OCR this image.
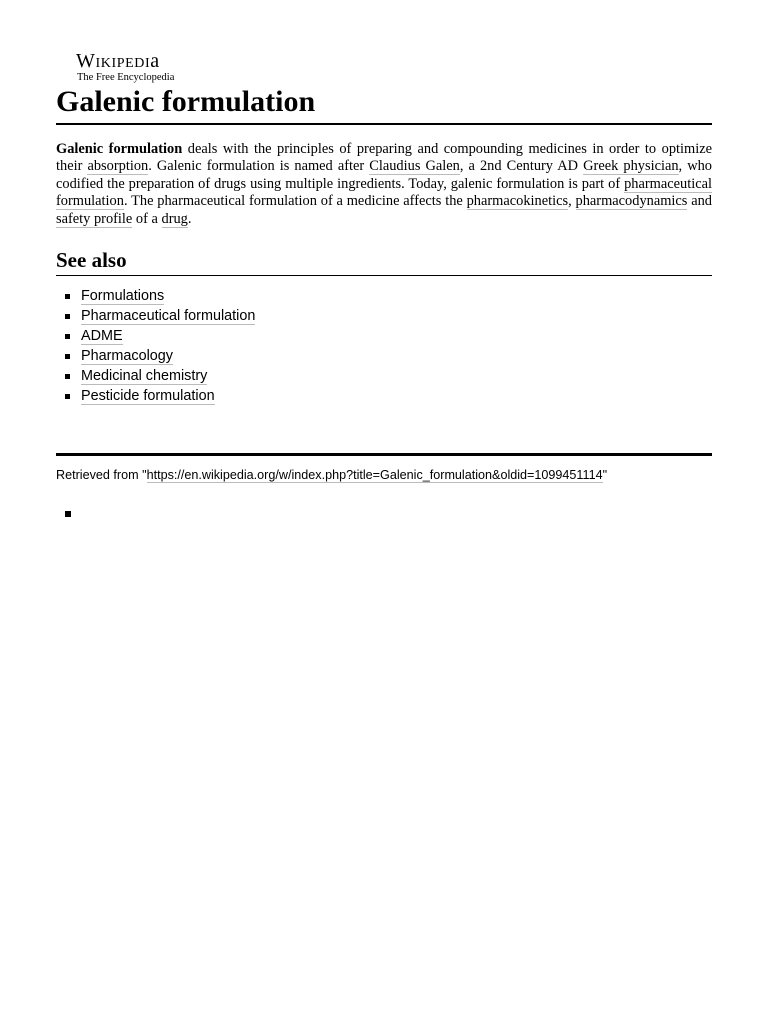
Wikipedia
The Free Encyclopedia
Galenic formulation

Galenic formulation deals with the principles of preparing and compounding medicines in order to optimize their absorption. Galenic formulation is named after Claudius Galen, a 2nd Century AD Greek physician, who codified the preparation of drugs using multiple ingredients. Today, galenic formulation is part of pharmaceutical formulation. The pharmaceutical formulation of a medicine affects the pharmacokinetics, pharmacodynamics and safety profile of a drug.

See also
Formulations
Pharmaceutical formulation
ADME
Pharmacology
Medicinal chemistry
Pesticide formulation

Retrieved from "https://en.wikipedia.org/w/index.php?title=Galenic_formulation&oldid=1099451114"
